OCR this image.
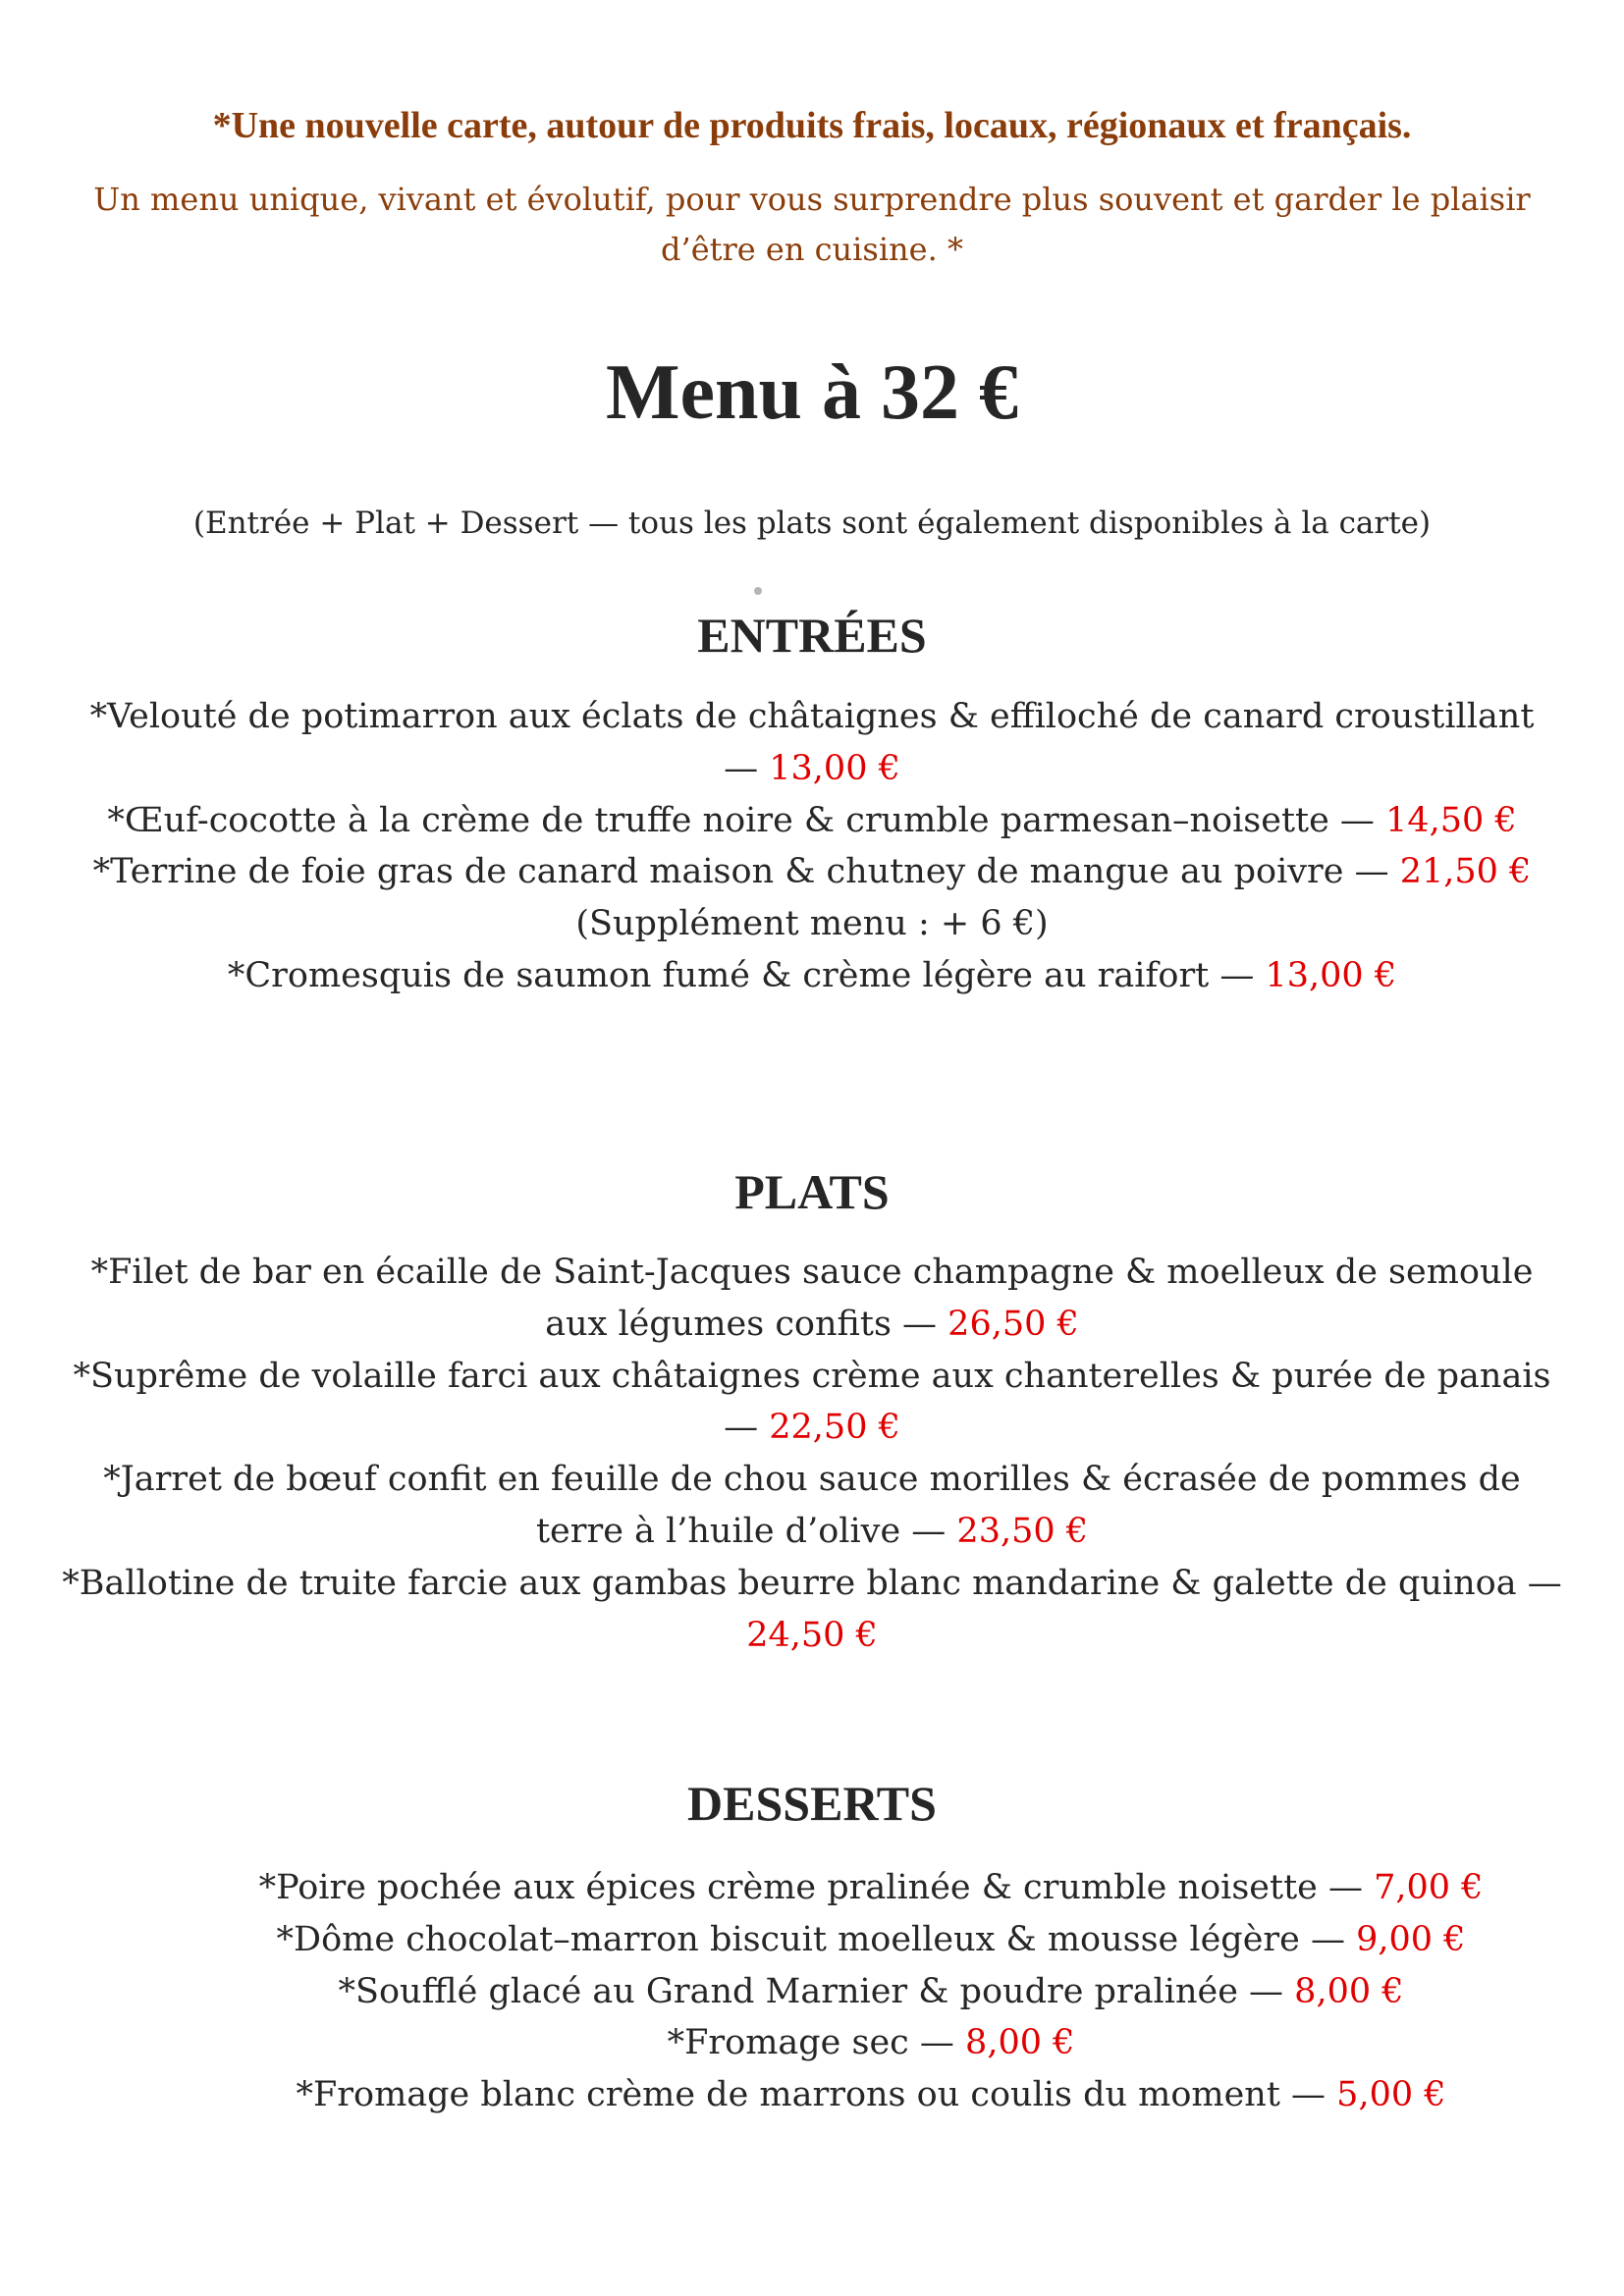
*Une nouvelle carte, autour de produits frais, locaux, régionaux et français.
Un menu unique, vivant et évolutif, pour vous surprendre plus souvent et garder le plaisir d’être en cuisine. *
Menu à 32 €
(Entrée + Plat + Dessert — tous les plats sont également disponibles à la carte)
ENTRÉES

*Velouté de potimarron aux éclats de châtaignes & effiloché de canard croustillant — 13,00 €

*Œuf-cocotte à la crème de truffe noire & crumble parmesan–noisette — 14,50 €

*Terrine de foie gras de canard maison & chutney de mangue au poivre — 21,50 €

(Supplément menu : + 6 €)

*Cromesquis de saumon fumé & crème légère au raifort — 13,00 €

PLATS

*Filet de bar en écaille de Saint-Jacques sauce champagne & moelleux de semoule aux légumes confits — 26,50 €

*Suprême de volaille farci aux châtaignes crème aux chanterelles & purée de panais — 22,50 €

*Jarret de bœuf confit en feuille de chou sauce morilles & écrasée de pommes de terre à l’huile d’olive — 23,50 €

*Ballotine de truite farcie aux gambas beurre blanc mandarine & galette de quinoa — 24,50 €

DESSERTS

*Poire pochée aux épices crème pralinée & crumble noisette — 7,00 €

*Dôme chocolat–marron biscuit moelleux & mousse légère — 9,00 €

*Soufflé glacé au Grand Marnier & poudre pralinée — 8,00 €

*Fromage sec — 8,00 €

*Fromage blanc crème de marrons ou coulis du moment — 5,00 €
